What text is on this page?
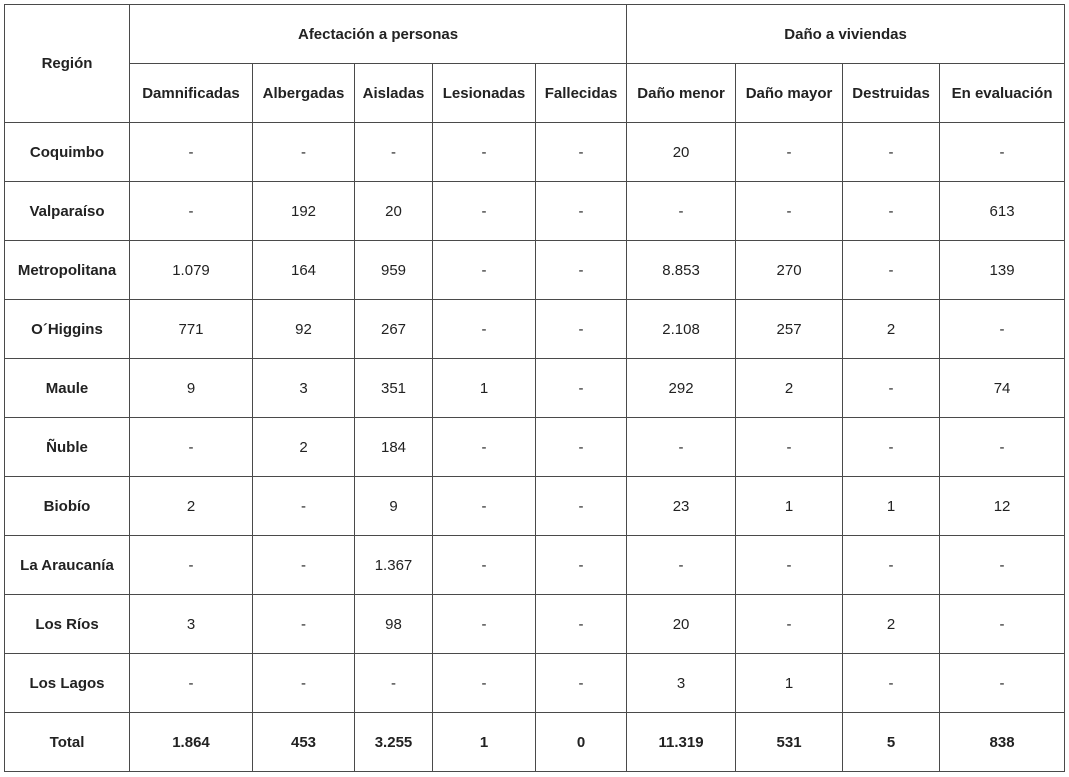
Región	Afectación a personas					Daño a viviendas			
	Damnificadas	Albergadas	Aisladas	Lesionadas	Fallecidas	Daño menor	Daño mayor	Destruidas	En evaluación
Coquimbo	-	-	-	-	-	20	-	-	-
Valparaíso	-	192	20	-	-	-	-	-	613
Metropolitana	1.079	164	959	-	-	8.853	270	-	139
O´Higgins	771	92	267	-	-	2.108	257	2	-
Maule	9	3	351	1	-	292	2	-	74
Ñuble	-	2	184	-	-	-	-	-	-
Biobío	2	-	9	-	-	23	1	1	12
La Araucanía	-	-	1.367	-	-	-	-	-	-
Los Ríos	3	-	98	-	-	20	-	2	-
Los Lagos	-	-	-	-	-	3	1	-	-
Total	1.864	453	3.255	1	0	11.319	531	5	838
